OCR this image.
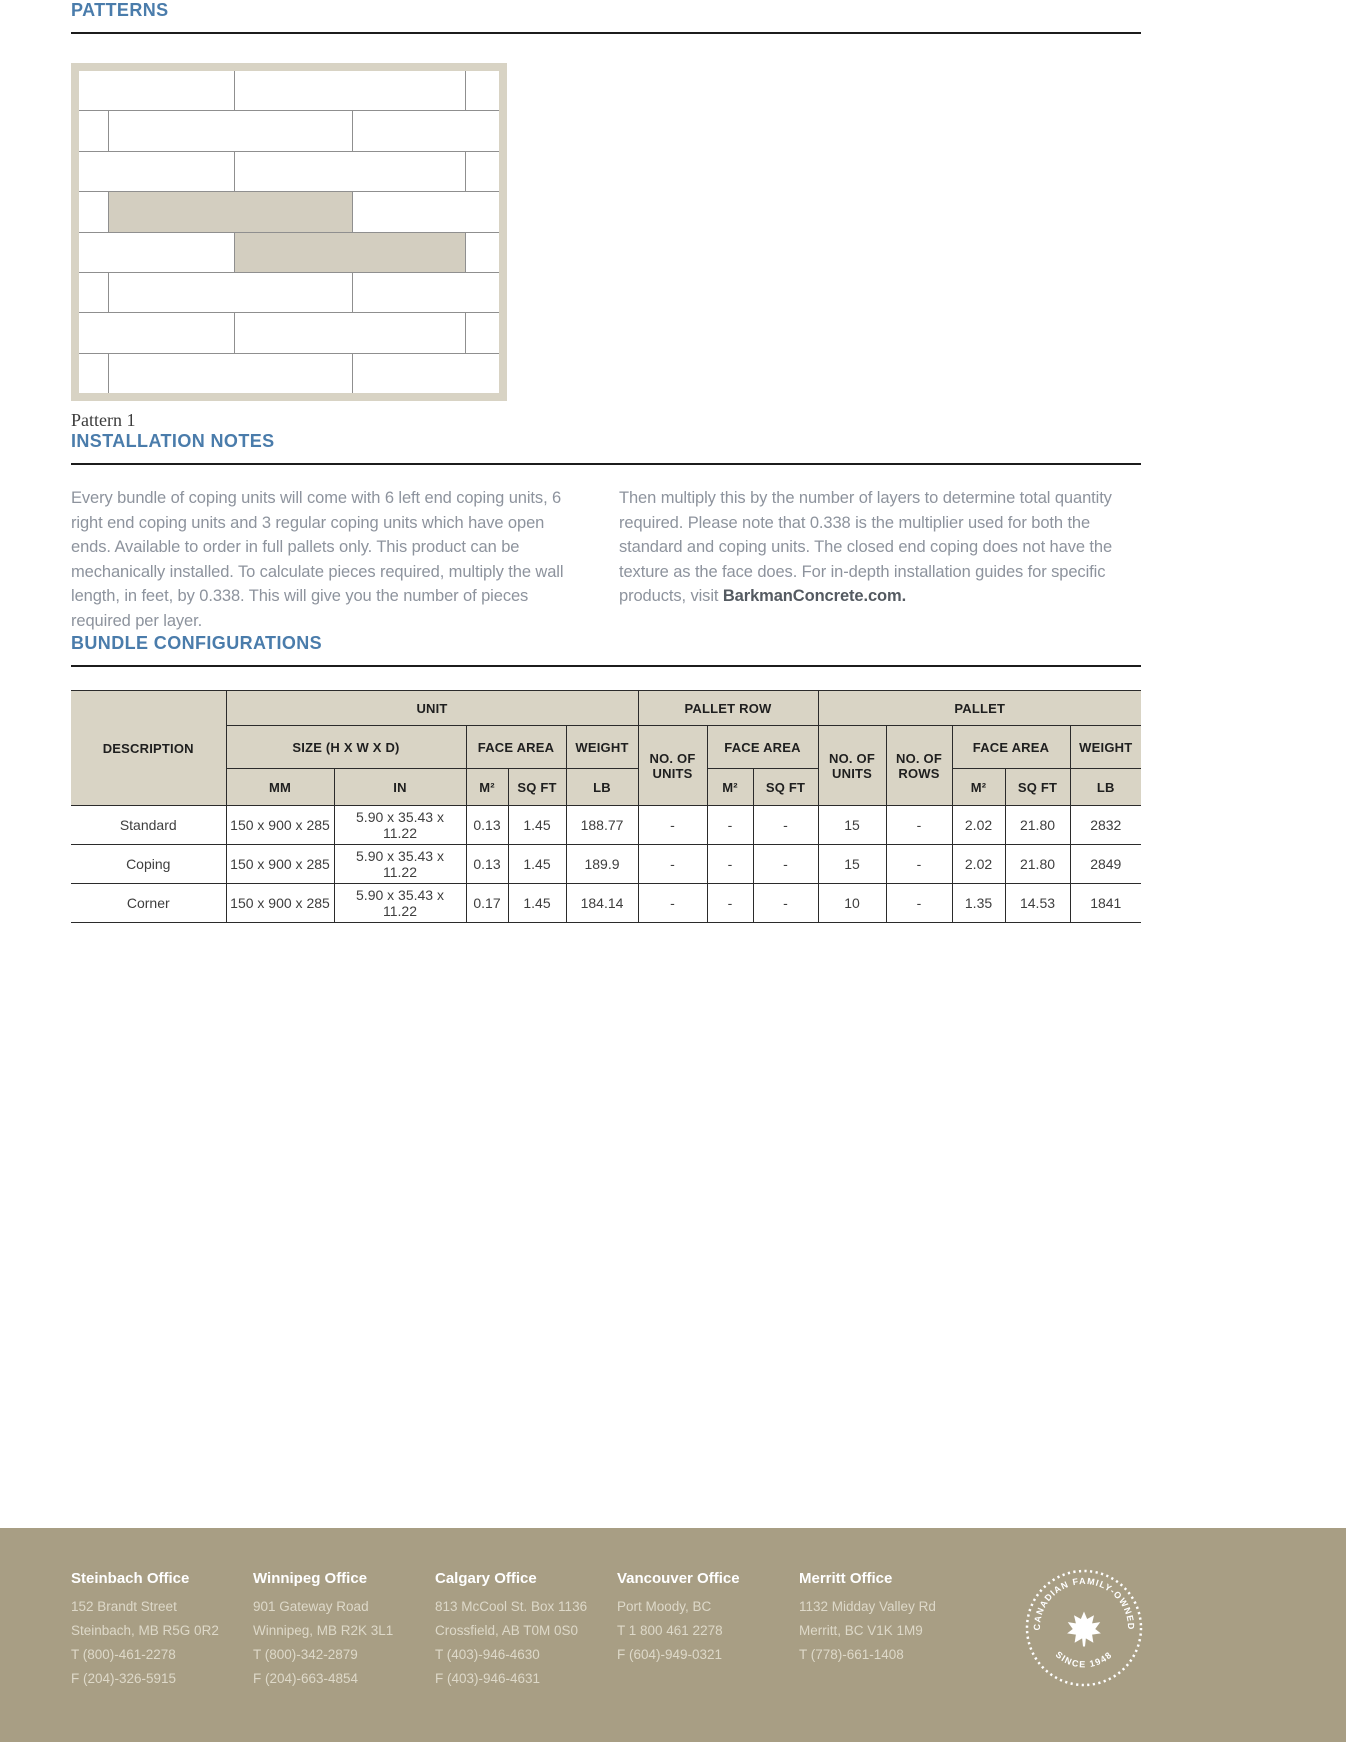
PATTERNS
Pattern 1
INSTALLATION NOTES

Every bundle of coping units will come with 6 left end coping units, 6 right end coping units and 3 regular coping units which have open ends. Available to order in full pallets only. This product can be mechanically installed. To calculate pieces required, multiply the wall length, in feet, by 0.338. This will give you the number of pieces required per layer.

Then multiply this by the number of layers to determine total quantity required. Please note that 0.338 is the multiplier used for both the standard and coping units. The closed end coping does not have the texture as the face does. For in-depth installation guides for specific products, visit BarkmanConcrete.com.

BUNDLE CONFIGURATIONS
DESCRIPTION	UNIT					PALLET ROW			PALLET				
	SIZE (H X W X D)		FACE AREA		WEIGHT	NO. OF UNITS	FACE AREA		NO. OF UNITS	NO. OF ROWS	FACE AREA		WEIGHT
	MM	IN	M²	SQ FT	LB		M²	SQ FT			M²	SQ FT	LB
Standard	150 x 900 x 285	5.90 x 35.43 x 11.22	0.13	1.45	188.77	-	-	-	15	-	2.02	21.80	2832
Coping	150 x 900 x 285	5.90 x 35.43 x 11.22	0.13	1.45	189.9	-	-	-	15	-	2.02	21.80	2849
Corner	150 x 900 x 285	5.90 x 35.43 x 11.22	0.17	1.45	184.14	-	-	-	10	-	1.35	14.53	1841
Steinbach Office
152 Brandt Street
Steinbach, MB R5G 0R2
T (800)-461-2278
F (204)-326-5915
Winnipeg Office
901 Gateway Road
Winnipeg, MB R2K 3L1
T (800)-342-2879
F (204)-663-4854
Calgary Office
813 McCool St. Box 1136
Crossfield, AB T0M 0S0
T (403)-946-4630
F (403)-946-4631
Vancouver Office
Port Moody, BC
T 1 800 461 2278
F (604)-949-0321
Merritt Office
1132 Midday Valley Rd
Merritt, BC V1K 1M9
T (778)-661-1408
CANADIAN FAMILY-OWNED
SINCE 1948
